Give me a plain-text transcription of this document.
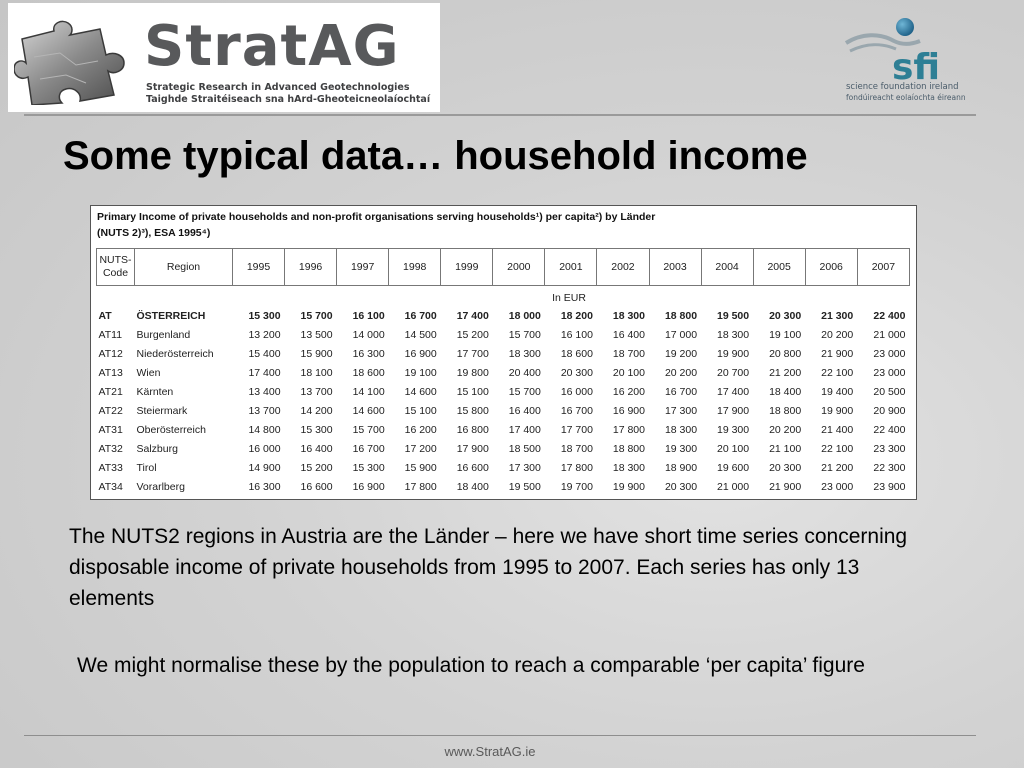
StratAG
Strategic Research in Advanced Geotechnologies
Taighde Straitéiseach sna hArd-Gheoteicneolaíochtaí
sfi
science foundation ireland
fondúireacht eolaíochta éireann
Some typical data… household income
Primary Income of private households and non-profit organisations serving households¹) per capita²) by Länder
(NUTS 2)³), ESA 1995⁴)
NUTS-Code	Region	1995	1996	1997	1998	1999	2000	2001	2002	2003	2004	2005	2006	2007
		In EUR												
AT	ÖSTERREICH	15 300	15 700	16 100	16 700	17 400	18 000	18 200	18 300	18 800	19 500	20 300	21 300	22 400
AT11	Burgenland	13 200	13 500	14 000	14 500	15 200	15 700	16 100	16 400	17 000	18 300	19 100	20 200	21 000
AT12	Niederösterreich	15 400	15 900	16 300	16 900	17 700	18 300	18 600	18 700	19 200	19 900	20 800	21 900	23 000
AT13	Wien	17 400	18 100	18 600	19 100	19 800	20 400	20 300	20 100	20 200	20 700	21 200	22 100	23 000
AT21	Kärnten	13 400	13 700	14 100	14 600	15 100	15 700	16 000	16 200	16 700	17 400	18 400	19 400	20 500
AT22	Steiermark	13 700	14 200	14 600	15 100	15 800	16 400	16 700	16 900	17 300	17 900	18 800	19 900	20 900
AT31	Oberösterreich	14 800	15 300	15 700	16 200	16 800	17 400	17 700	17 800	18 300	19 300	20 200	21 400	22 400
AT32	Salzburg	16 000	16 400	16 700	17 200	17 900	18 500	18 700	18 800	19 300	20 100	21 100	22 100	23 300
AT33	Tirol	14 900	15 200	15 300	15 900	16 600	17 300	17 800	18 300	18 900	19 600	20 300	21 200	22 300
AT34	Vorarlberg	16 300	16 600	16 900	17 800	18 400	19 500	19 700	19 900	20 300	21 000	21 900	23 000	23 900

The NUTS2 regions in Austria are the Länder – here we have short time series concerning disposable income of private households from 1995 to 2007. Each series has only 13 elements

We might normalise these by the population to reach a comparable ‘per capita’ figure

www.StratAG.ie
